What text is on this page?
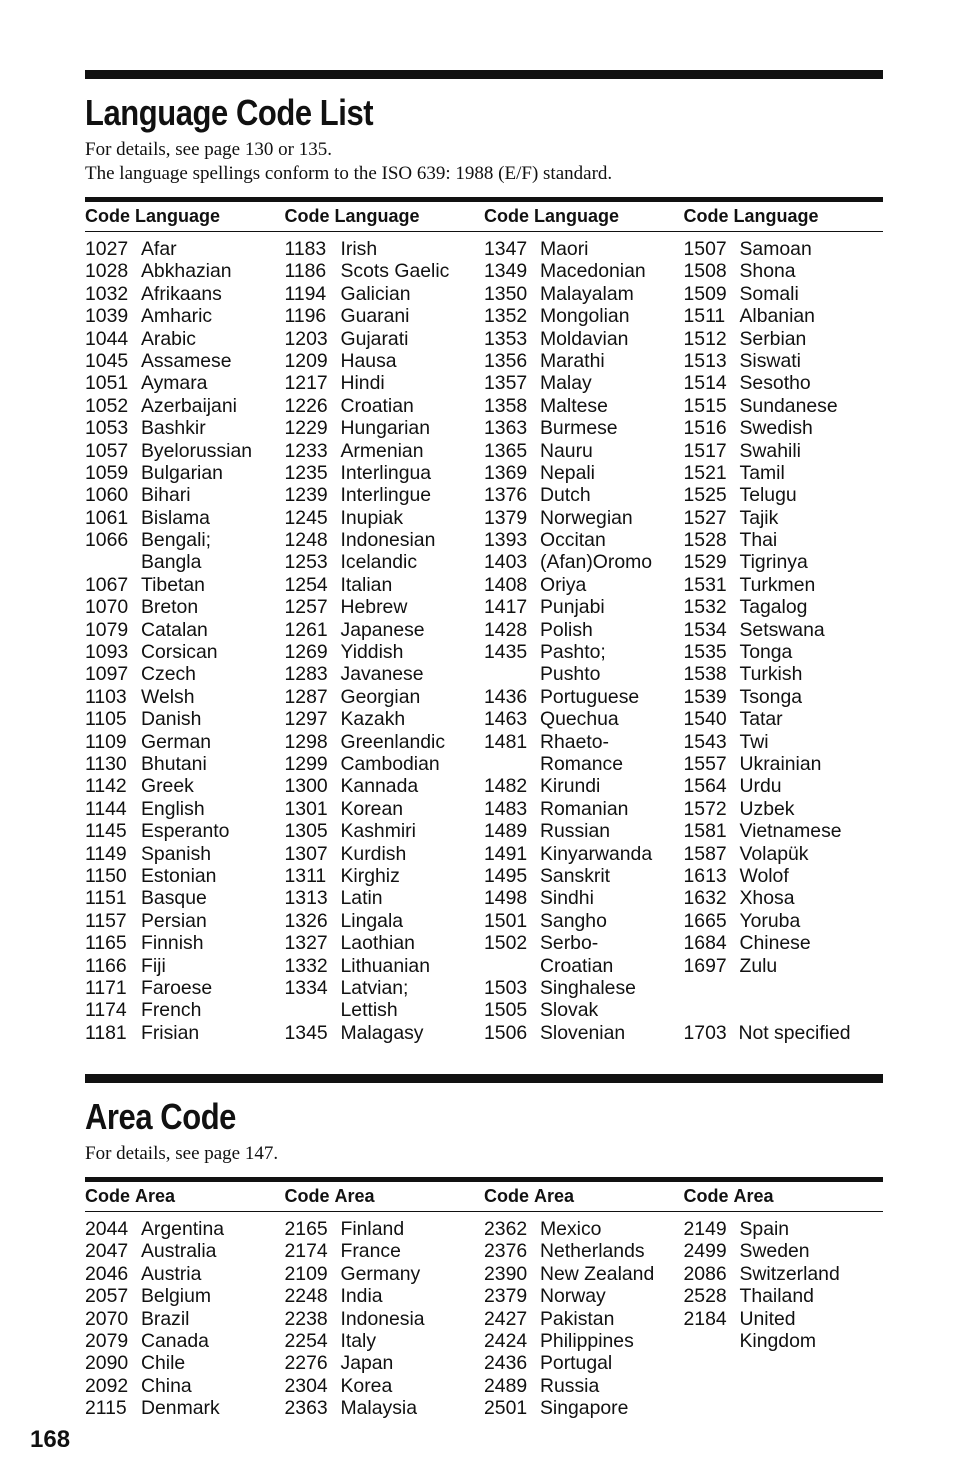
Language Code List
For details, see page 130 or 135.
The language spellings conform to the ISO 639: 1988 (E/F) standard.
Code Language	Code Language	Code Language	Code Language
1027 Afar
1028 Abkhazian
1032 Afrikaans
1039 Amharic
1044 Arabic
1045 Assamese
1051 Aymara
1052 Azerbaijani
1053 Bashkir
1057 Byelorussian
1059 Bulgarian
1060 Bihari
1061 Bislama
1066 Bengali;
Bangla
1067 Tibetan
1070 Breton
1079 Catalan
1093 Corsican
1097 Czech
1103 Welsh
1105 Danish
1109 German
1130 Bhutani
1142 Greek
1144 English
1145 Esperanto
1149 Spanish
1150 Estonian
1151 Basque
1157 Persian
1165 Finnish
1166 Fiji
1171 Faroese
1174 French
1181 Frisian
1183 Irish
1186 Scots Gaelic
1194 Galician
1196 Guarani
1203 Gujarati
1209 Hausa
1217 Hindi
1226 Croatian
1229 Hungarian
1233 Armenian
1235 Interlingua
1239 Interlingue
1245 Inupiak
1248 Indonesian
1253 Icelandic
1254 Italian
1257 Hebrew
1261 Japanese
1269 Yiddish
1283 Javanese
1287 Georgian
1297 Kazakh
1298 Greenlandic
1299 Cambodian
1300 Kannada
1301 Korean
1305 Kashmiri
1307 Kurdish
1311 Kirghiz
1313 Latin
1326 Lingala
1327 Laothian
1332 Lithuanian
1334 Latvian;
Lettish
1345 Malagasy
1347 Maori
1349 Macedonian
1350 Malayalam
1352 Mongolian
1353 Moldavian
1356 Marathi
1357 Malay
1358 Maltese
1363 Burmese
1365 Nauru
1369 Nepali
1376 Dutch
1379 Norwegian
1393 Occitan
1403 (Afan)Oromo
1408 Oriya
1417 Punjabi
1428 Polish
1435 Pashto;
Pushto
1436 Portuguese
1463 Quechua
1481 Rhaeto-
Romance
1482 Kirundi
1483 Romanian
1489 Russian
1491 Kinyarwanda
1495 Sanskrit
1498 Sindhi
1501 Sangho
1502 Serbo-
Croatian
1503 Singhalese
1505 Slovak
1506 Slovenian
1507 Samoan
1508 Shona
1509 Somali
1511 Albanian
1512 Serbian
1513 Siswati
1514 Sesotho
1515 Sundanese
1516 Swedish
1517 Swahili
1521 Tamil
1525 Telugu
1527 Tajik
1528 Thai
1529 Tigrinya
1531 Turkmen
1532 Tagalog
1534 Setswana
1535 Tonga
1538 Turkish
1539 Tsonga
1540 Tatar
1543 Twi
1557 Ukrainian
1564 Urdu
1572 Uzbek
1581 Vietnamese
1587 Volapük
1613 Wolof
1632 Xhosa
1665 Yoruba
1684 Chinese
1697 Zulu
1703 Not specified
Area Code
For details, see page 147.
Code Area	Code Area	Code Area	Code Area
2044 Argentina
2047 Australia
2046 Austria
2057 Belgium
2070 Brazil
2079 Canada
2090 Chile
2092 China
2115 Denmark
2165 Finland
2174 France
2109 Germany
2248 India
2238 Indonesia
2254 Italy
2276 Japan
2304 Korea
2363 Malaysia
2362 Mexico
2376 Netherlands
2390 New Zealand
2379 Norway
2427 Pakistan
2424 Philippines
2436 Portugal
2489 Russia
2501 Singapore
2149 Spain
2499 Sweden
2086 Switzerland
2528 Thailand
2184 United
Kingdom
168
